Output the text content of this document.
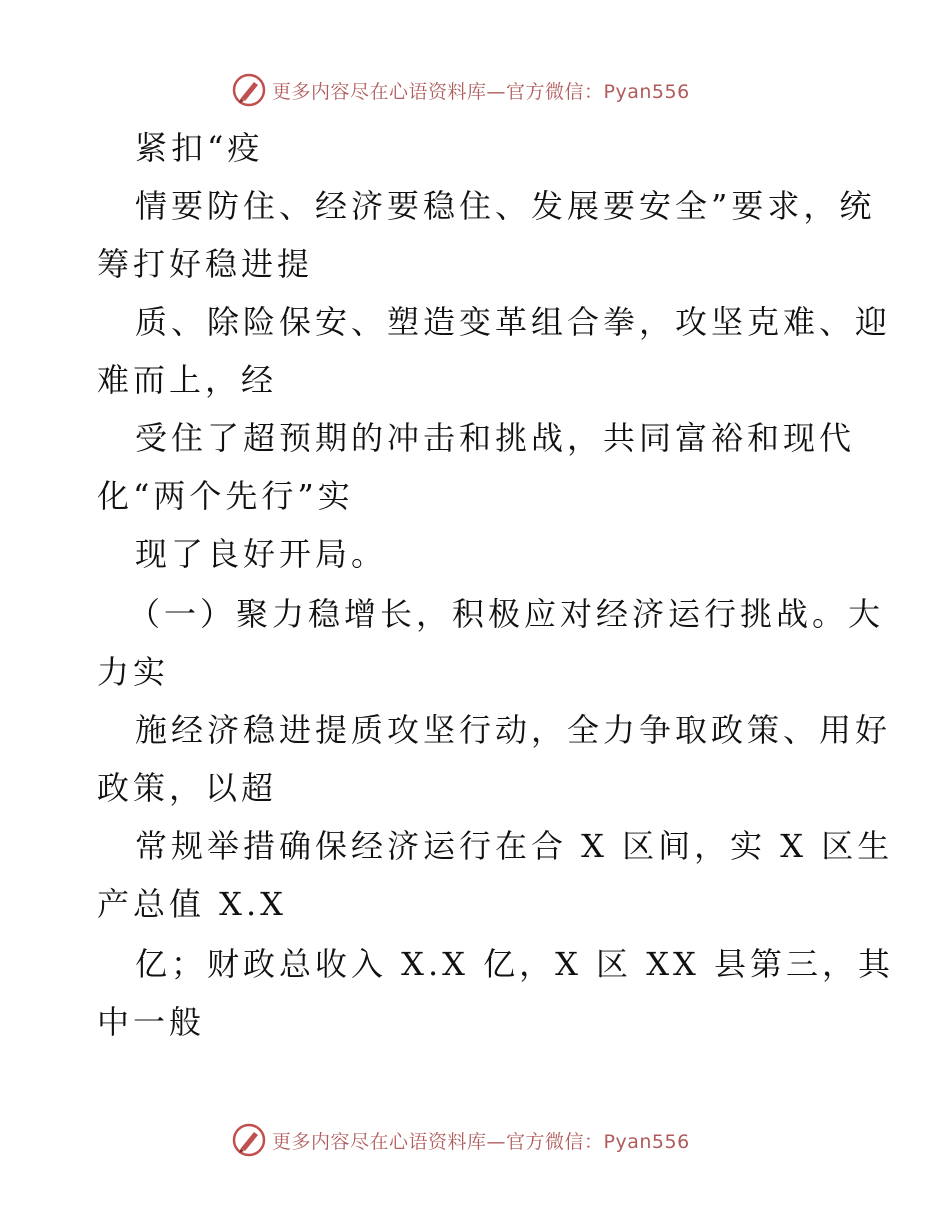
更多内容尽在心语资料库—官方微信：Pyan556
紧扣“疫
情要防住、经济要稳住、发展要安全”要求，统
筹打好稳进提
质、除险保安、塑造变革组合拳，攻坚克难、迎
难而上，经
受住了超预期的冲击和挑战，共同富裕和现代
化“两个先行”实
现了良好开局。
（一）聚力稳增长，积极应对经济运行挑战。大
力实
施经济稳进提质攻坚行动，全力争取政策、用好
政策，以超
常规举措确保经济运行在合 X 区间，实 X 区生
产总值 X.X
亿；财政总收入 X.X 亿，X 区 XX 县第三，其
中一般
更多内容尽在心语资料库—官方微信：Pyan556
